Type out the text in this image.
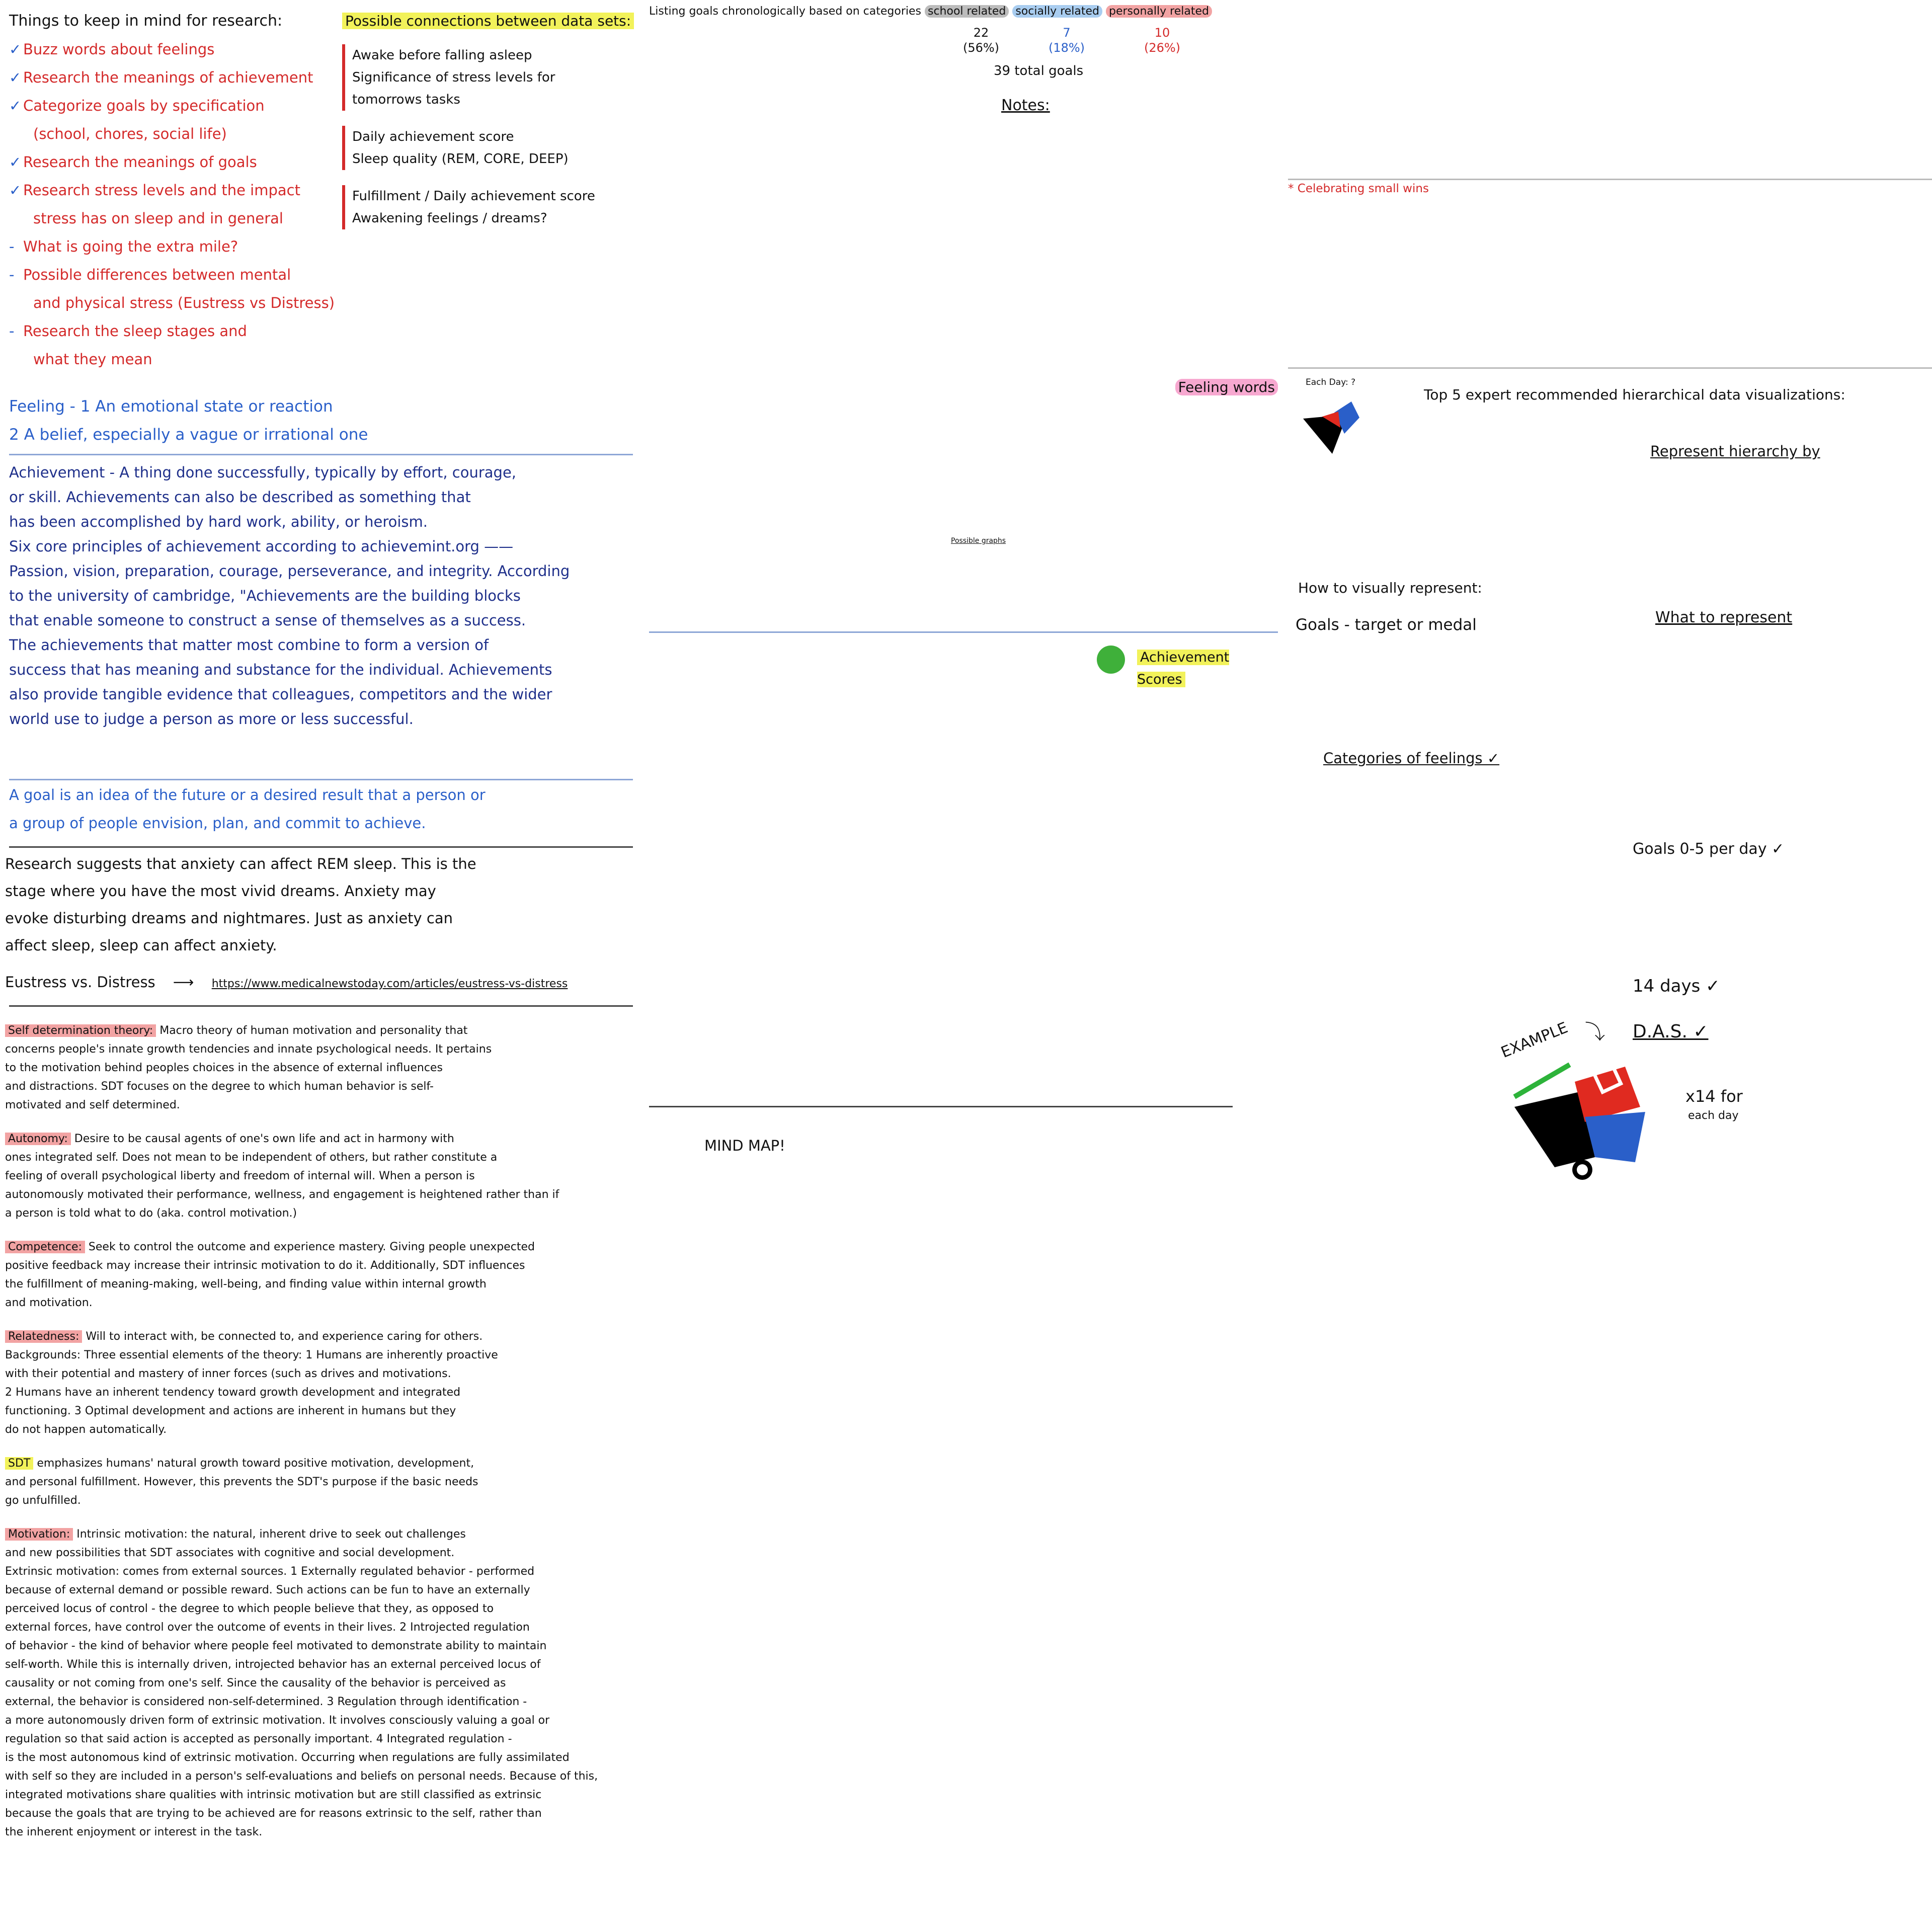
Things to keep in mind for research:
✓ Buzz words about feelings
✓ Research the meanings of achievement
✓ Categorize goals by specification
(school, chores, social life)
✓ Research the meanings of goals
✓ Research stress levels and the impact
stress has on sleep and in general
- What is going the extra mile?
- Possible differences between mental
and physical stress (Eustress vs Distress)
- Research the sleep stages and
what they mean
Possible connections between data sets:
Awake before falling asleep
Significance of stress levels for
tomorrows tasks
Daily achievement score
Sleep quality (REM, CORE, DEEP)
Fulfillment / Daily achievement score
Awakening feelings / dreams?
Feeling - 1 An emotional state or reaction
2 A belief, especially a vague or irrational one
Achievement - A thing done successfully, typically by effort, courage,
or skill. Achievements can also be described as something that
has been accomplished by hard work, ability, or heroism.
Six core principles of achievement according to achievemint.org ——
Passion, vision, preparation, courage, perseverance, and integrity. According
to the university of cambridge, "Achievements are the building blocks
that enable someone to construct a sense of themselves as a success.
The achievements that matter most combine to form a version of
success that has meaning and substance for the individual. Achievements
also provide tangible evidence that colleagues, competitors and the wider
world use to judge a person as more or less successful.
A goal is an idea of the future or a desired result that a person or
a group of people envision, plan, and commit to achieve.
Research suggests that anxiety can affect REM sleep. This is the
stage where you have the most vivid dreams. Anxiety may
evoke disturbing dreams and nightmares. Just as anxiety can
affect sleep, sleep can affect anxiety.
Eustress vs. Distress ⟶ https://www.medicalnewstoday.com/articles/eustress-vs-distress
Self determination theory: Macro theory of human motivation and personality that
concerns people's innate growth tendencies and innate psychological needs. It pertains
to the motivation behind peoples choices in the absence of external influences
and distractions. SDT focuses on the degree to which human behavior is self-
motivated and self determined.
Autonomy: Desire to be causal agents of one's own life and act in harmony with
ones integrated self. Does not mean to be independent of others, but rather constitute a
feeling of overall psychological liberty and freedom of internal will. When a person is
autonomously motivated their performance, wellness, and engagement is heightened rather than if
a person is told what to do (aka. control motivation.)
Competence: Seek to control the outcome and experience mastery. Giving people unexpected
positive feedback may increase their intrinsic motivation to do it. Additionally, SDT influences
the fulfillment of meaning-making, well-being, and finding value within internal growth
and motivation.
Relatedness: Will to interact with, be connected to, and experience caring for others.
Backgrounds: Three essential elements of the theory: 1 Humans are inherently proactive
with their potential and mastery of inner forces (such as drives and motivations.
2 Humans have an inherent tendency toward growth development and integrated
functioning. 3 Optimal development and actions are inherent in humans but they
do not happen automatically.
SDT emphasizes humans' natural growth toward positive motivation, development,
and personal fulfillment. However, this prevents the SDT's purpose if the basic needs
go unfulfilled.
Motivation: Intrinsic motivation: the natural, inherent drive to seek out challenges
and new possibilities that SDT associates with cognitive and social development.
Extrinsic motivation: comes from external sources. 1 Externally regulated behavior - performed
because of external demand or possible reward. Such actions can be fun to have an externally
perceived locus of control - the degree to which people believe that they, as opposed to
external forces, have control over the outcome of events in their lives. 2 Introjected regulation
of behavior - the kind of behavior where people feel motivated to demonstrate ability to maintain
self-worth. While this is internally driven, introjected behavior has an external perceived locus of
causality or not coming from one's self. Since the causality of the behavior is perceived as
external, the behavior is considered non-self-determined. 3 Regulation through identification -
a more autonomously driven form of extrinsic motivation. It involves consciously valuing a goal or
regulation so that said action is accepted as personally important. 4 Integrated regulation -
is the most autonomous kind of extrinsic motivation. Occurring when regulations are fully assimilated
with self so they are included in a person's self-evaluations and beliefs on personal needs. Because of this,
integrated motivations share qualities with intrinsic motivation but are still classified as extrinsic
because the goals that are trying to be achieved are for reasons extrinsic to the self, rather than
the inherent enjoyment or interest in the task.
Listing goals chronologically based on categories school related socially related personally related
22
(56%)
7
(18%)
10
(26%)
39 total goals
Notes:
Feeling words
Possible graphs
Achievement Scores
* Celebrating small wins
Each Day: ?
Top 5 expert recommended hierarchical data visualizations:
Represent hierarchy by
How to visually represent:
Goals - target or medal	What to represent
Categories of feelings ✓
Goals 0-5 per day ✓
14 days ✓
D.A.S. ✓
EXAMPLE ⤵
x14 for
each day
MIND MAP!
